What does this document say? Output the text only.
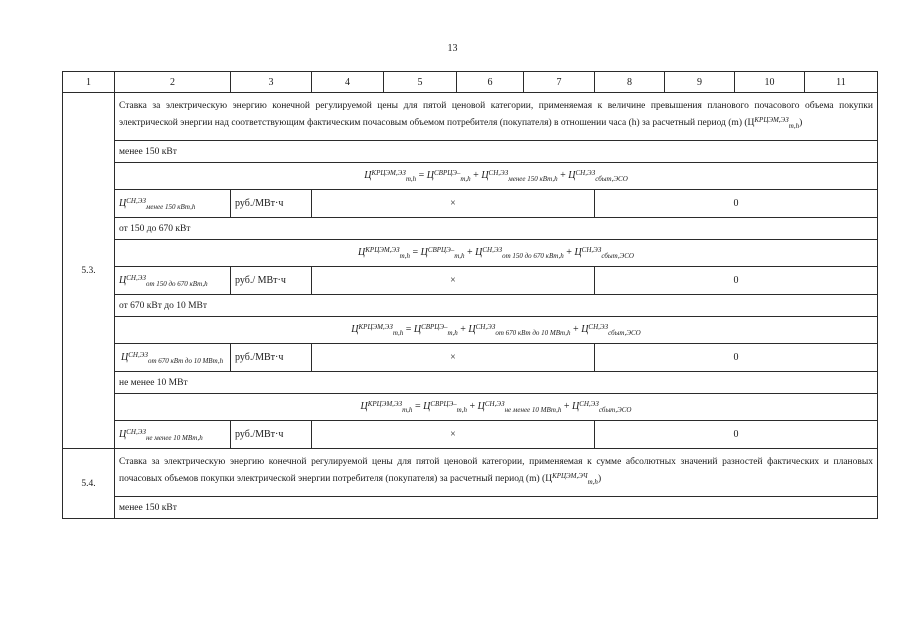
13
1	2	3	4	5	6	7	8	9	10	11
5.3.	Ставка за электрическую энергию конечной регулируемой цены для пятой ценовой категории, применяемая к величине превышения планового почасового объема покупки электрической энергии над соответствующим фактическим почасовым объемом потребителя (покупателя) в отношении часа (h) за расчетный период (m) $(Ц^{КРЦЭМ,ЭЗ}_{m,h})$									
	менее 150 кВт									
	$Ц^{КРЦЭМ,ЭЗ}_{m,h} = Ц^{СВРЦЭ-}_{m,h} + Ц^{СН,ЭЗ}_{менее 150 кВт,h} + Ц^{СН,ЭЗ}_{сбыт,ЭСО}$
	$Ц^{СН,ЭЗ}_{менее 150 кВт,h}$	руб./МВт·ч	×				0			
	от 150 до 670 кВт									
	$Ц^{КРЦЭМ,ЭЗ}_{m,h} = Ц^{СВРЦЭ-}_{m,h} + Ц^{СН,ЭЗ}_{от 150 до 670 кВт,h} + Ц^{СН,ЭЗ}_{сбыт,ЭСО}$
	$Ц^{СН,ЭЗ}_{от 150 до 670 кВт,h}$	руб./ МВт·ч	×				0			
	от 670 кВт до 10 МВт									
	$Ц^{КРЦЭМ,ЭЗ}_{m,h} = Ц^{СВРЦЭ-}_{m,h} + Ц^{СН,ЭЗ}_{от 670 кВт до 10 МВт,h} + Ц^{СН,ЭЗ}_{сбыт,ЭСО}$
	$Ц^{СН,ЭЗ}_{от 670 кВт до 10 МВт,h}$	руб./МВт·ч	×				0			
	не менее 10 МВт									
	$Ц^{КРЦЭМ,ЭЗ}_{m,h} = Ц^{СВРЦЭ-}_{m,h} + Ц^{СН,ЭЗ}_{не менее 10 МВт,h} + Ц^{СН,ЭЗ}_{сбыт,ЭСО}$
	$Ц^{СН,ЭЗ}_{не менее 10 МВт,h}$	руб./МВт·ч	×				0			
5.4.	Ставка за электрическую энергию конечной регулируемой цены для пятой ценовой категории, применяемая к сумме абсолютных значений разностей фактических и плановых почасовых объемов покупки электрической энергии потребителя (покупателя) за расчетный период (m) $(Ц^{КРЦЭМ,ЭЧ}_{m,h})$									
	менее 150 кВт									
